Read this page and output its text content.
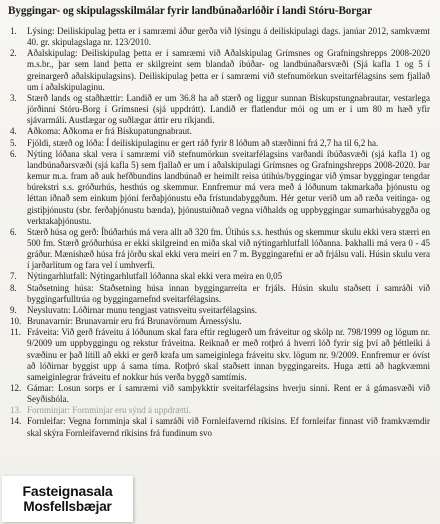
Byggingar- og skipulagsskilmálar fyrir landbúnaðarlóðir í landi Stóru-Borgar
1.	Lýsing: Deiliskipulag þetta er í samræmi áður gerða við lýsingu á deiliskipulagi dags. janúar 2012, samkvæmt 40. gr. skipulagslaga nr. 123/2010.
2.	Aðalskipulag: Deiliskipulag þetta er í samræmi við Aðalskipulag Grímsnes og Grafningshrepps 2008-2020 m.s.br., þar sem land þetta er skilgreint sem blandað íbúðar- og landbúnaðarsvæði (Sjá kafla 1 og 5 í greinargerð aðalskipulagsins). Deiliskipulag þetta er í samræmi við stefnumörkun sveitarfélagsins sem fjallað um í aðalskipulaginu.
3.	Stærð lands og staðhættir: Landið er um 36.8 ha að stærð og liggur sunnan Biskupstungnabrautar, vestarlega jörðinni Stóru-Borg í Grímsnesi (sjá uppdrátt). Landið er flatlendur mói og um er í um 80 m hæð yfir sjávarmáli. Austlægar og suðlægar áttir eru ríkjandi.
4.	Aðkoma: Aðkoma er frá Biskupatungnabraut.
5.	Fjöldi, stærð og lóða: Í deiliskipulaginu er gert ráð fyrir 8 lóðum að stærðinni frá 2,7 ha til 6,2 ha.
6.	Nýting lóðana skal vera í samræmi við stefnumörkun sveitarfélagsins varðandi íbúðasvæði (sjá kafla 1) og landbúnaðarsvæði (sjá kafla 5) sem fjallað er um í aðalskipulagi Grímsnes og Grafningshrepps 2008-2020. Þar kemur m.a. fram að auk hefðbundins landbúnað er heimilt reisa útihús/byggingar við ýmsar byggingar tengdar búrekstri s.s. gróðurhús, hesthús og skemmur. Ennfremur má vera með á lóðunum takmarkaða þjónustu og léttan iðnað sem einkum þjóni ferðaþjónustu eða frístundabyggðum. Hér getur verið um að ræða veitinga- og gistiþjónustu (sbr. ferðaþjónustu bænda), þjónustuiðnað vegna viðhalds og uppbyggingar sumarhúsabyggða og verktakaþjónustu.
6.	Stærð húsa og gerð: Íbúðarhús má vera allt að 320 fm. Útihús s.s. hesthús og skemmur skulu ekki vera stærri en 500 fm. Stærð gróðurhúsa er ekki skilgreind en miða skal við nýtingarhlutfall lóðanna. Þakhalli má vera 0 - 45 gráður. Mænishæð húsa frá jörðu skal ekki vera meiri en 7 m. Byggingarefni er að frjálsu vali. Húsin skulu vera í jarðarlitum og fara vel í umhverfi.
7.	Nýtingarhlutfall: Nýtingarhlutfall lóðanna skal ekki vera meira en 0,05
8.	Staðsetning húsa: Staðsetning húsa innan byggingarreita er frjáls. Húsin skulu staðsett í samráði við byggingarfulltrúa og byggingarnefnd sveitarfélagsins.
9.	Neysluvatn: Lóðirnar munu tengjast vatnsveitu sveitarfélagsins.
10. Brunavarnir: Brunavarnir eru frá Brunavörnum Árnessýslu.
11. Fráveita: Við gerð fráveitu á lóðunum skal fara eftir reglugerð um fráveitur og skólp nr. 798/1999 og lögum nr. 9/2009 um uppbyggingu og rekstur fráveitna. Reiknað er með rotþró á hverri lóð fyrir sig því að þéttleiki á svæðinu er það lítill að ekki er gerð krafa um sameiginlega fráveitu skv. lögum nr. 9/2009. Ennfremur er óvíst að lóðirnar byggist upp á sama tíma. Rotþró skal staðsett innan byggingareits. Huga ætti að hagkvæmni sameiginlegrar fráveitu ef nokkur hús verða byggð samtímis.
12. Gámar: Losun sorps er í samræmi við samþykktir sveitarfélagsins hverju sinni. Rent er á gámasvæði við Seyðishóla.
13. Fornminjar: Fornminjar eru sýnd á uppdrætti.
14. Fornleifar: Vegna fornminja skal í samráði við Fornleifavernd ríkisins. Ef fornleifar finnast við framkvæmdir skal skýra Fornleifavernd ríkisins frá fundinum svo
Fasteignasala
Mosfellsbæjar
